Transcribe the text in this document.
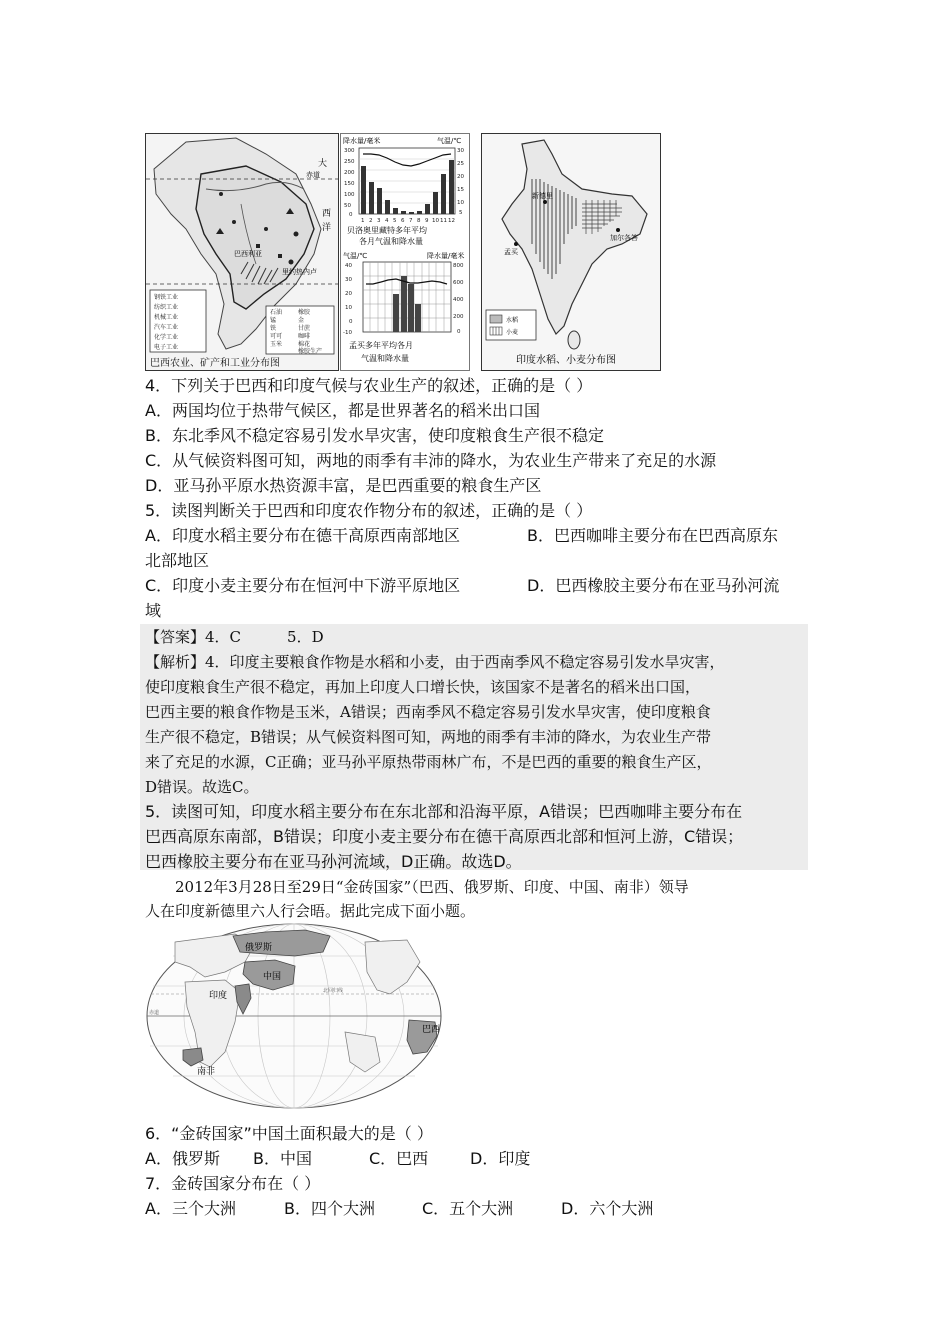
大
西
洋
赤道
巴西利亚
里约热内卢
钢铁工业
纺织工业
机械工业
汽车工业
化学工业
电子工业
石油
锰
铁
可可
玉米
橡胶
金
甘蔗
咖啡
棉花
橡胶生产
巴西农业、矿产和工业分布图
降水量/毫米	气温/℃
300
250
200
150
100
50
0
30
25
20
15
10
5
1 2 3 4 5 6 7 8 9 10 11 12
贝洛奥里藏特多年平均
各月气温和降水量
气温/℃	降水量/毫米
40
30
20
10
0
-10
800
600
400
200
0
孟买多年平均各月
气温和降水量
新德里
孟买
加尔各答
水稻
小麦
印度水稻、小麦分布图
4．下列关于巴西和印度气候与农业生产的叙述，正确的是（ ）
A．两国均位于热带气候区，都是世界著名的稻米出口国
B．东北季风不稳定容易引发水旱灾害，使印度粮食生产很不稳定
C．从气候资料图可知，两地的雨季有丰沛的降水，为农业生产带来了充足的水源
D．亚马孙平原水热资源丰富，是巴西重要的粮食生产区
5．读图判断关于巴西和印度农作物分布的叙述，正确的是（ ）
A．印度水稻主要分布在德干高原西南部地区	B．巴西咖啡主要分布在巴西高原东
北部地区
C．印度小麦主要分布在恒河中下游平原地区	D．巴西橡胶主要分布在亚马孙河流
域
【答案】4．C	5．D
【解析】4．印度主要粮食作物是水稻和小麦，由于西南季风不稳定容易引发水旱灾害，
使印度粮食生产很不稳定，再加上印度人口增长快，该国家不是著名的稻米出口国，
巴西主要的粮食作物是玉米，A错误；西南季风不稳定容易引发水旱灾害，使印度粮食
生产很不稳定，B错误；从气候资料图可知，两地的雨季有丰沛的降水，为农业生产带
来了充足的水源，C正确；亚马孙平原热带雨林广布，不是巴西的重要的粮食生产区，
D错误。故选C。
5．读图可知，印度水稻主要分布在东北部和沿海平原，A错误；巴西咖啡主要分布在
巴西高原东南部，B错误；印度小麦主要分布在德干高原西北部和恒河上游，C错误；
巴西橡胶主要分布在亚马孙河流域，D正确。故选D。
2012年3月28日至29日“金砖国家”（巴西、俄罗斯、印度、中国、南非）领导
人在印度新德里六人行会晤。据此完成下面小题。
俄罗斯
中国
印度
巴西
南非
赤道
北回归线
6．“金砖国家”中国土面积最大的是（ ）
A．俄罗斯 B．中国	C．巴西	D．印度
7．金砖国家分布在（ ）
A．三个大洲	B．四个大洲	C．五个大洲	D．六个大洲
